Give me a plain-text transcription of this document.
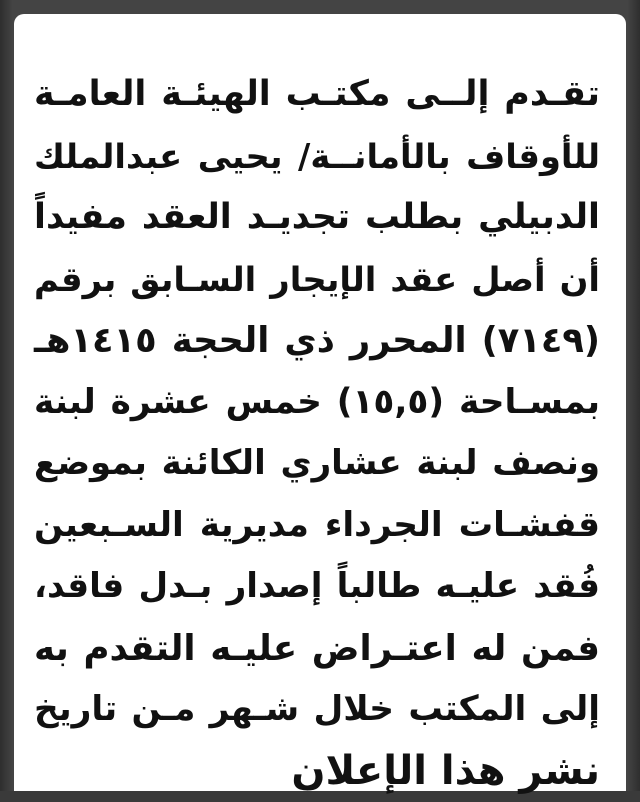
تقـدم إلــى مكتـب الهيئـة العامـة
للأوقاف بالأمانــة/ يحيى عبدالملك
الدبيلي بطلب تجديـد العقد مفيداً
أن أصل عقد الإيجار السـابق برقم
(٧١٤٩) المحرر ذي الحجة ١٤١٥هـ
بمسـاحة (١٥,٥) خمس عشرة لبنة
ونصف لبنة عشاري الكائنة بموضع
قفشـات الجرداء مديرية السـبعين
فُقد عليـه طالباً إصدار بـدل فاقد،
فمن له اعتـراض عليـه التقدم به
إلى المكتب خلال شـهر مـن تاريخ
نشر هذا الإعلان
